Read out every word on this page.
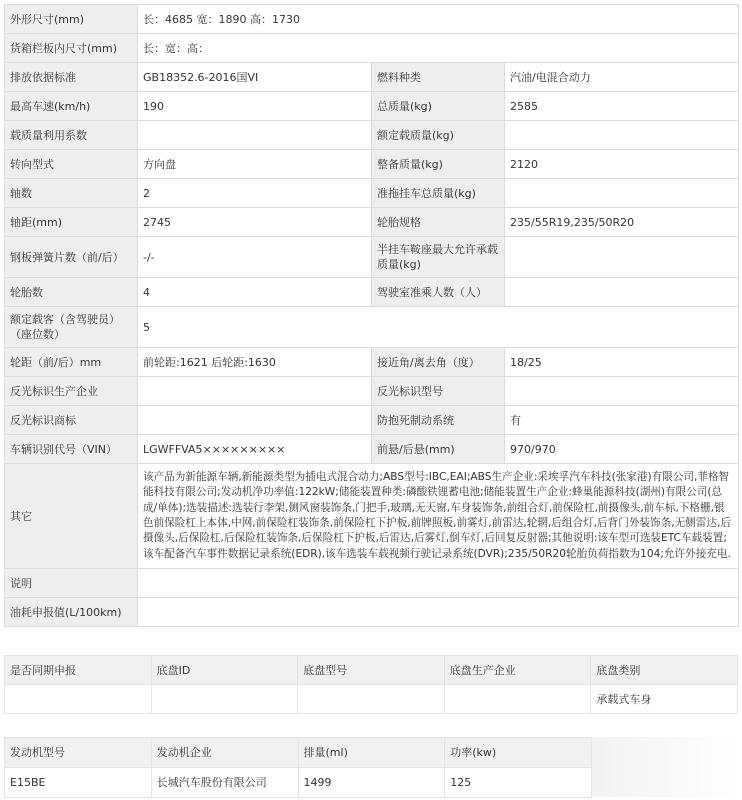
外形尺寸(mm)	长：4685 宽：1890 高：1730		
货箱栏板内尺寸(mm)	长：宽：高：		
排放依据标准	GB18352.6-2016国VI	燃料种类	汽油/电混合动力
最高车速(km/h)	190	总质量(kg)	2585
载质量利用系数		额定载质量(kg)	
转向型式	方向盘	整备质量(kg)	2120
轴数	2	准拖挂车总质量(kg)	
轴距(mm)	2745	轮胎规格	235/55R19,235/50R20
钢板弹簧片数（前/后）	-/-	半挂车鞍座最大允许承载质量(kg)	
轮胎数	4	驾驶室准乘人数（人）	
额定载客（含驾驶员）（座位数）	5		
轮距（前/后）mm	前轮距:1621 后轮距:1630	接近角/离去角（度）	18/25
反光标识生产企业		反光标识型号	
反光标识商标		防抱死制动系统	有
车辆识别代号（VIN）	LGWFFVA5×××××××××	前悬/后悬(mm)	970/970
其它	该产品为新能源车辆,新能源类型为插电式混合动力;ABS型号:IBC,EAI;ABS生产企业:采埃孚汽车科技(张家港)有限公司,菲格智能科技有限公司;发动机净功率值:122kW;储能装置种类:磷酸铁锂蓄电池;储能装置生产企业:蜂巢能源科技(湖州)有限公司(总成/单体);选装描述:选装行李架,侧风窗装饰条,门把手,玻璃,无天窗,车身装饰条,前组合灯,前保险杠,前摄像头,前车标,下格栅,银色前保险杠上本体,中网,前保险杠装饰条,前保险杠下护板,前牌照板,前雾灯,前雷达,轮辋,后组合灯,后背门外装饰条,无侧雷达,后摄像头,后保险杠,后保险杠装饰条,后保险杠下护板,后雷达,后雾灯,倒车灯,后回复反射器;其他说明:该车型可选装ETC车载装置;该车配备汽车事件数据记录系统(EDR),该车选装车载视频行驶记录系统(DVR);235/50R20轮胎负荷指数为104;允许外接充电.		
说明			
油耗申报值(L/100km)			
是否同期申报	底盘ID	底盘型号	底盘生产企业	底盘类别
				承载式车身
发动机型号	发动机企业	排量(ml)	功率(kw)
E15BE	长城汽车股份有限公司	1499	125
